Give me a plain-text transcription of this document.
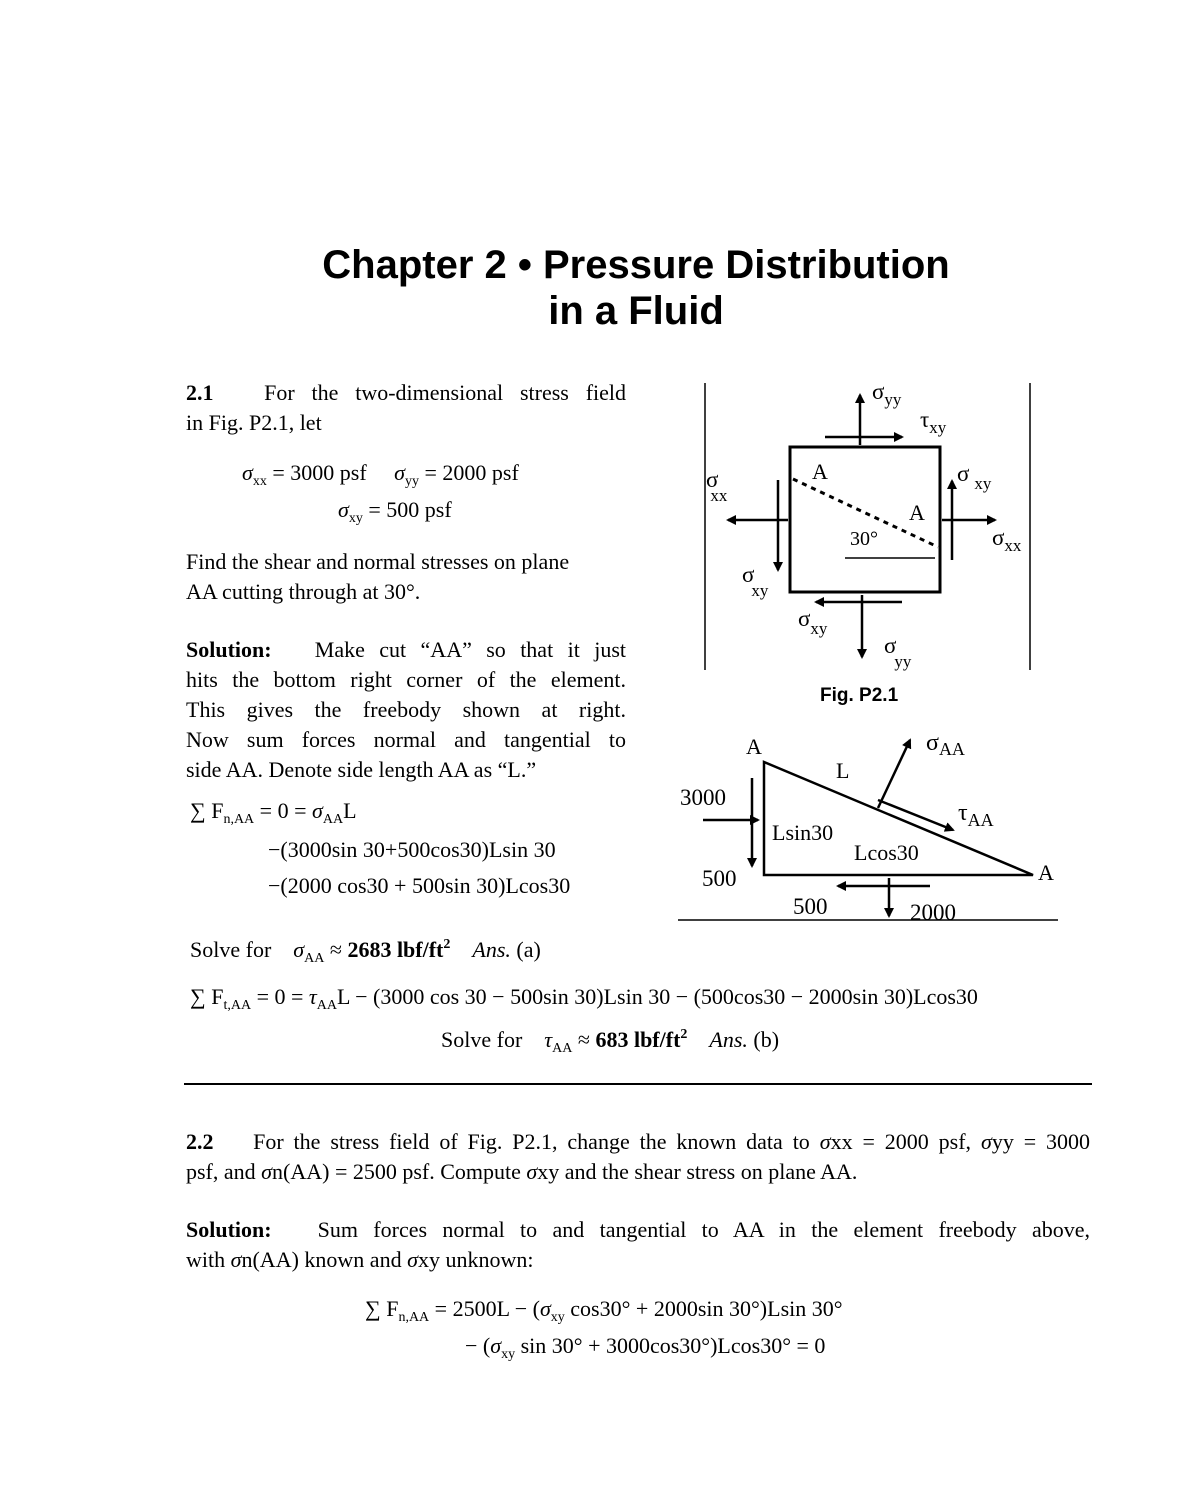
Chapter 2 • Pressure Distribution
in a Fluid
2.1 For the two-dimensional stress field
in Fig. P2.1, let
$\sigma_{xx} = 3000$ psf $\sigma_{yy} = 2000$ psf
$\sigma_{xy} = 500$ psf
Find the shear and normal stresses on plane
AA cutting through at 30°.
Solution: Make cut “AA” so that it just
hits the bottom right corner of the element.
This gives the freebody shown at right.
Now sum forces normal and tangential to
side AA. Denote side length AA as “L.”
∑ $F_{n,AA} = 0 = \sigma_{AA}L$
−(3000sin 30+500cos30)Lsin 30
−(2000 cos30 + 500sin 30)Lcos30
Solve for $\sigma_{AA} \approx 2683$ lbf/$ft^2$ Ans. (a)
∑ $F_{t,AA} = 0 = \tau_{AA}L - (3000$ cos 30 − 500sin 30)Lsin 30 − (500cos30 − 2000sin 30)Lcos30
Solve for $\tau_{AA} \approx 683$ lbf/$ft^2$ Ans. (b)
2.2 For the stress field of Fig. P2.1, change the known data to σxx = 2000 psf, σyy = 3000
psf, and σn(AA) = 2500 psf. Compute σxy and the shear stress on plane AA.
Solution: Sum forces normal to and tangential to AA in the element freebody above,
with σn(AA) known and σxy unknown:
∑ $F_{n,AA} = 2500L - (\sigma_{xy}$ cos30° + 2000sin 30°)Lsin 30°
− ($\sigma_{xy}$ sin 30° + 3000cos30°)Lcos30° = 0
$\sigma_{yy}$
$\tau_{xy}$
σ xx
σ $_{xy}$
$\sigma_{xx}$
σ xy
$\sigma_{xy}$
σ yy
A
A
30°
Fig. P2.1
A
A
L
$\sigma_{AA}$
$\tau_{AA}$
3000
500
Lsin30
Lcos30
500	2000
